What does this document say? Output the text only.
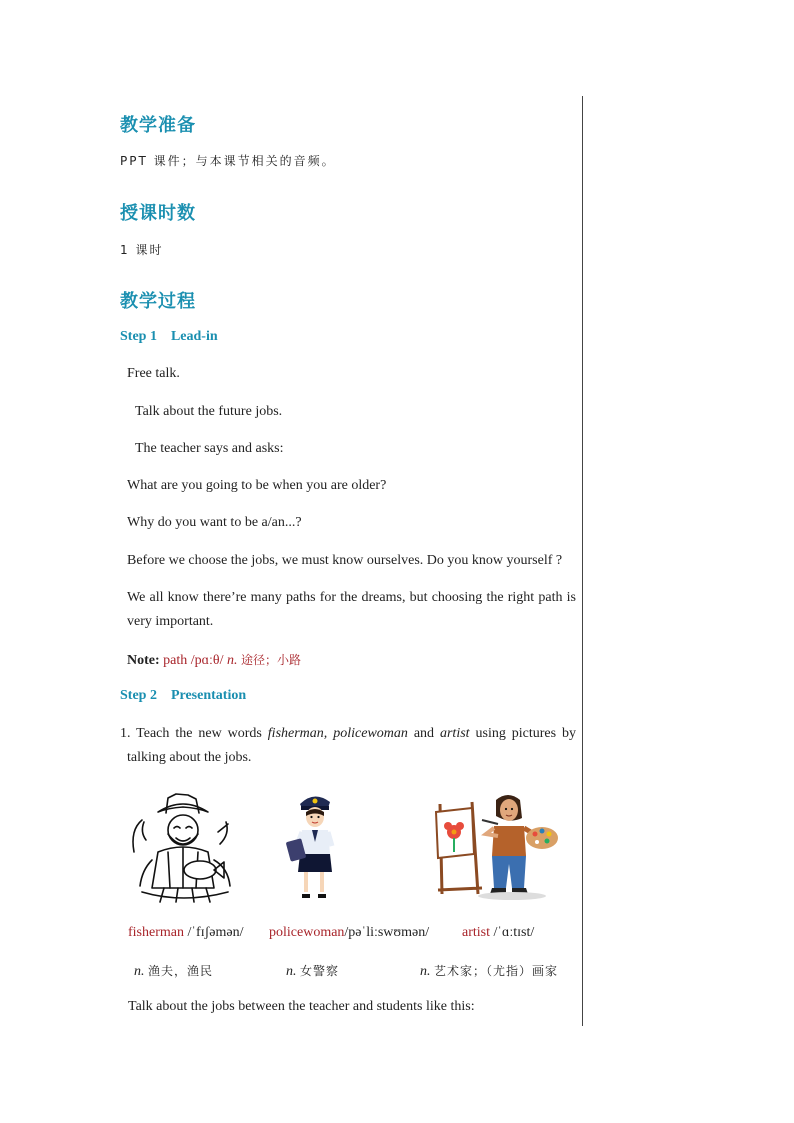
教学准备
PPT 课件；与本课节相关的音频。
授课时数
1 课时
教学过程
Step 1 Lead-in
Free talk.
Talk about the future jobs.
The teacher says and asks:
What are you going to be when you are older?
Why do you want to be a/an...?
Before we choose the jobs, we must know ourselves. Do you know yourself ?
We all know there’re many paths for the dreams, but choosing the right path is
very important.
Note: path /pɑːθ/ n. 途径；小路
Step 2 Presentation
1. Teach the new words fisherman, policewoman and artist using pictures by
talking about the jobs.
fisherman /ˈfɪʃəmən/ policewoman/pəˈliːswʊmən/ artist /ˈɑːtɪst/
n. 渔夫，渔民	n. 女警察	n. 艺术家；（尤指）画家
Talk about the jobs between the teacher and students like this:
